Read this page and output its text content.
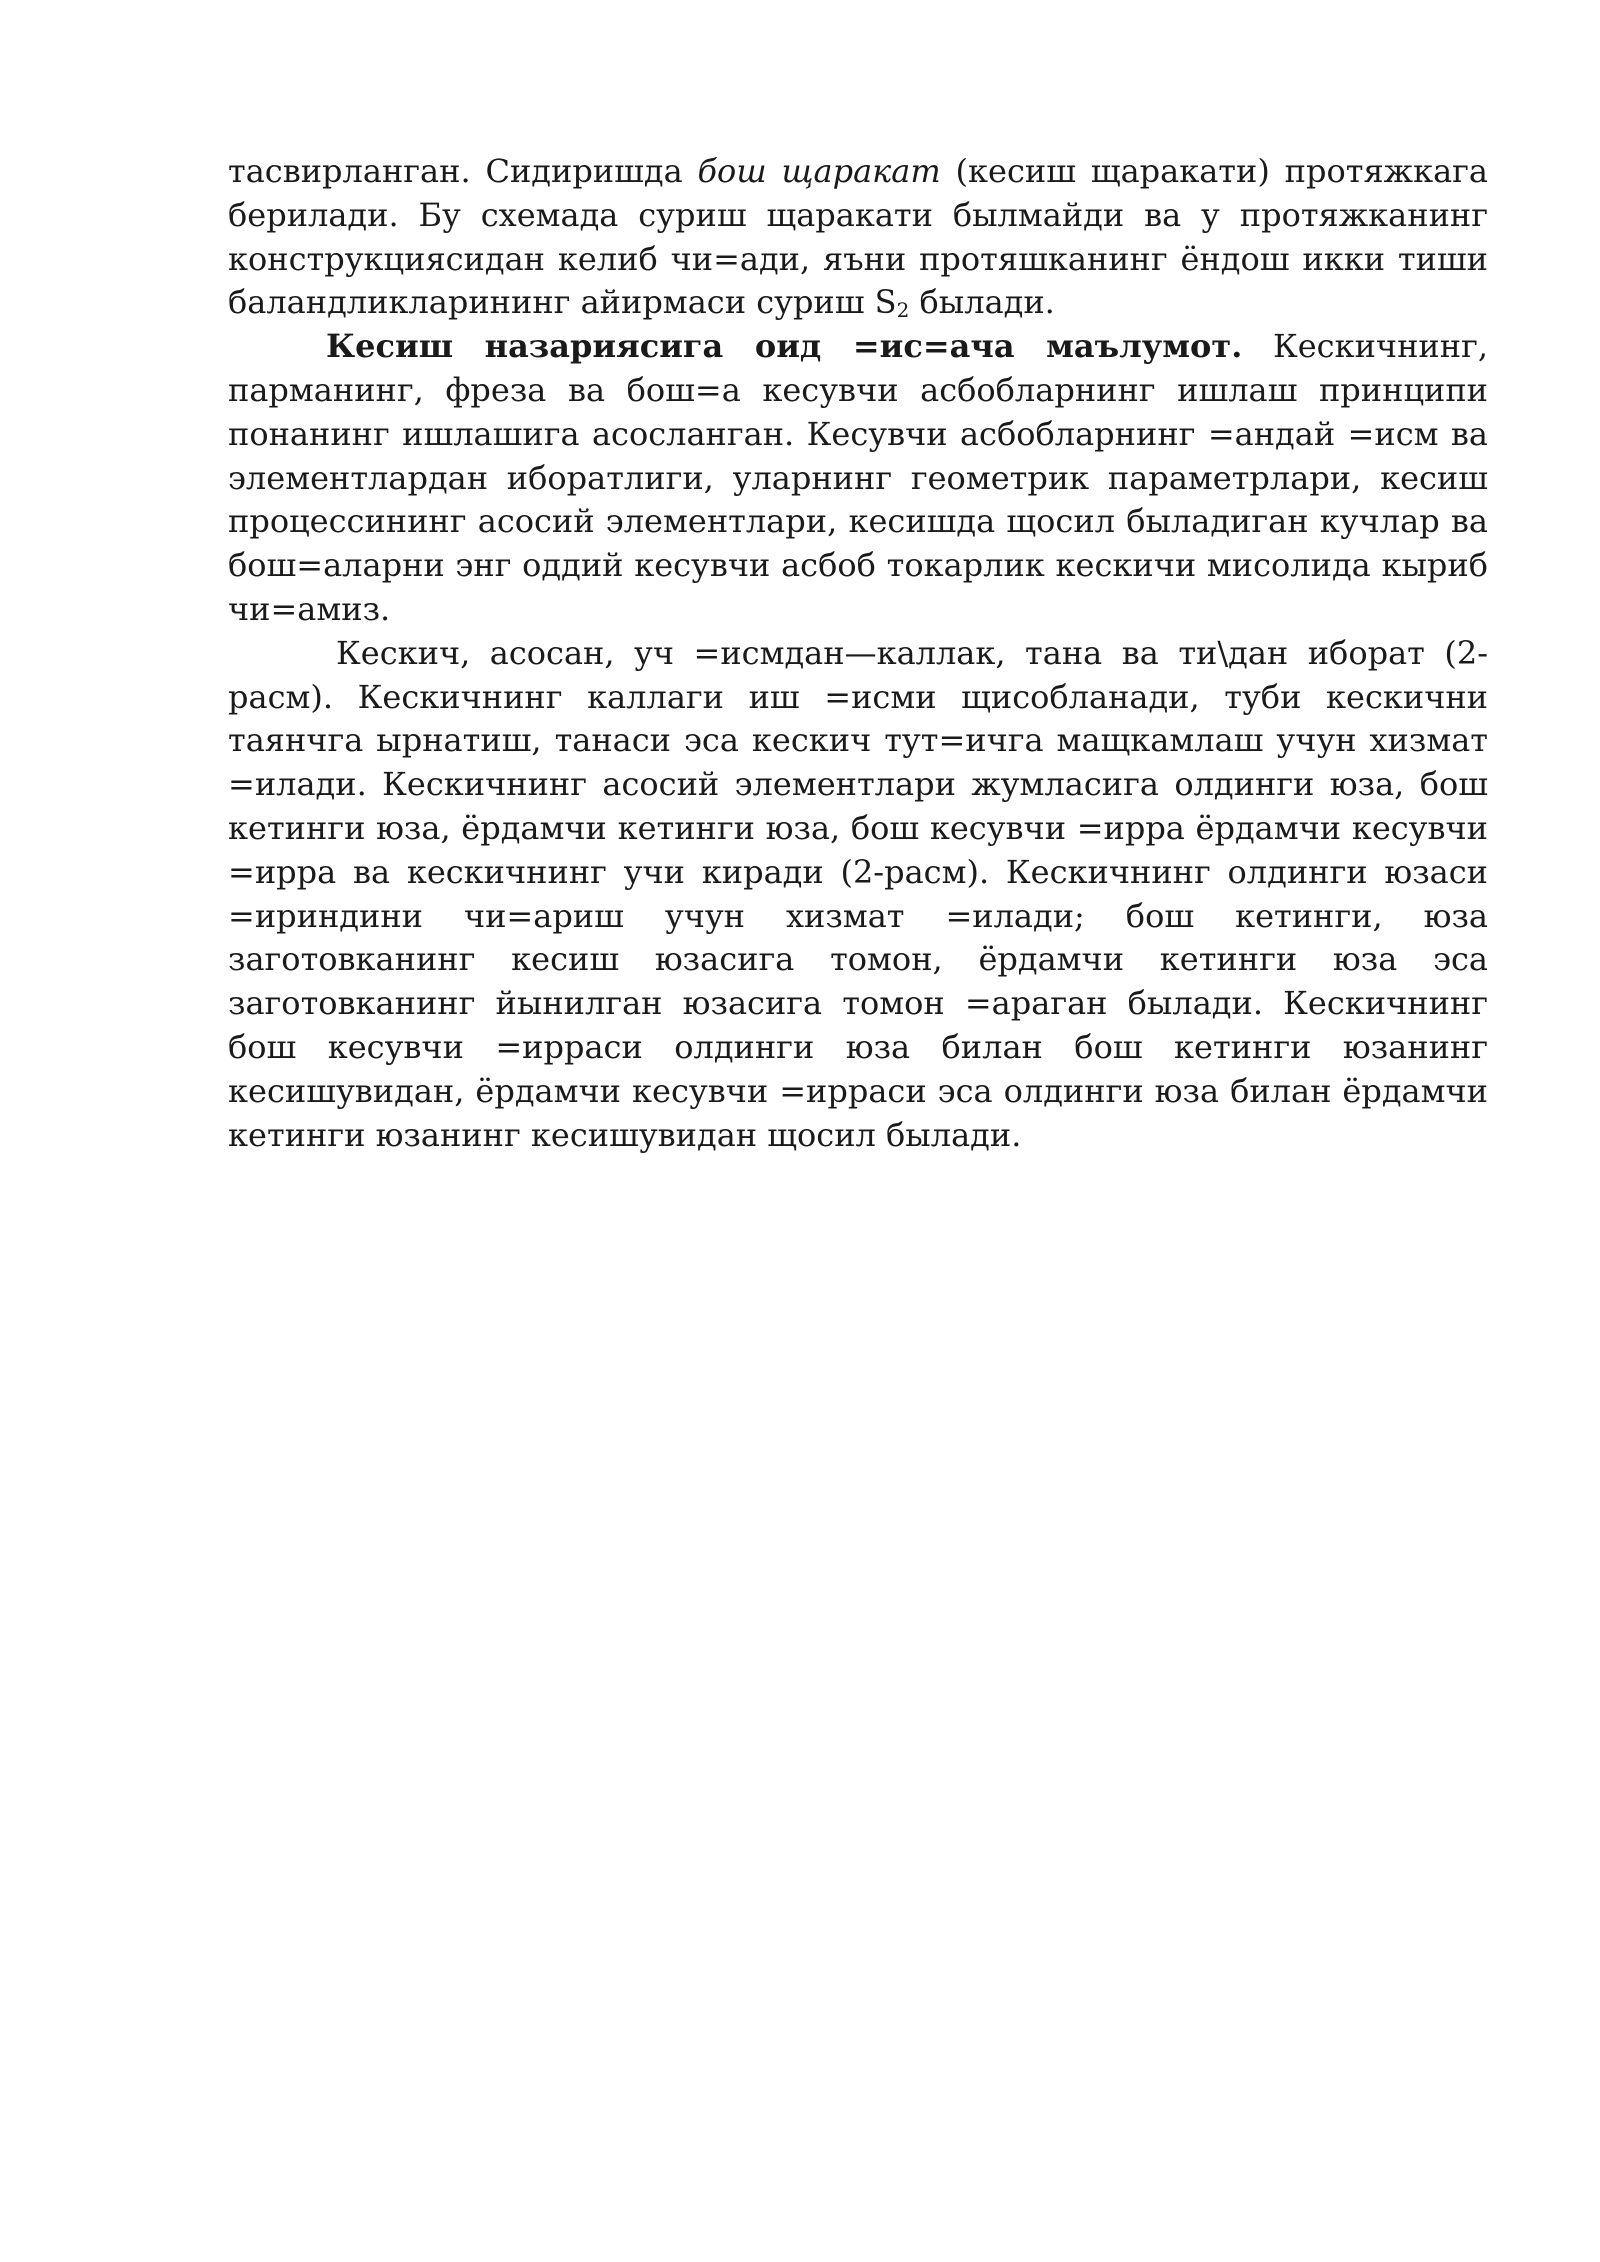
тасвирланган. Сидиришда бош щаракат (кесиш щаракати) протяжкага берилади. Бу схемада суриш щаракати былмайди ва у протяжканинг конструкциясидан келиб чи=ади, яъни протяшканинг ёндош икки тиши баландликларининг айирмаси суриш $S_2$ былади.

Кесиш назариясига оид =ис=ача маълумот. Кескичнинг, парманинг, фреза ва бош=а кесувчи асбобларнинг ишлаш принципи понанинг ишлашига асосланган. Кесувчи асбобларнинг =андай =исм ва элементлардан иборатлиги, уларнинг геометрик параметрлари, кесиш процессининг асосий элементлари, кесишда щосил быладиган кучлар ва бош=аларни энг оддий кесувчи асбоб токарлик кескичи мисолида кыриб чи=амиз.

Кескич, асосан, уч =исмдан—каллак, тана ва ти\дан иборат (2-расм). Кескичнинг каллаги иш =исми щисобланади, туби кескични таянчга ырнатиш, танаси эса кескич тут=ичга мащкамлаш учун хизмат =илади. Кескичнинг асосий элементлари жумласига олдинги юза, бош кетинги юза, ёрдамчи кетинги юза, бош кесувчи =ирра ёрдамчи кесувчи =ирра ва кескичнинг учи киради (2-расм). Кескичнинг олдинги юзаси =ириндини чи=ариш учун хизмат =илади; бош кетинги, юза заготовканинг кесиш юзасига томон, ёрдамчи кетинги юза эса заготовканинг йынилган юзасига томон =араган былади. Кескичнинг бош кесувчи =ирраси олдинги юза билан бош кетинги юзанинг кесишувидан, ёрдамчи кесувчи =ирраси эса олдинги юза билан ёрдамчи кетинги юзанинг кесишувидан щосил былади.
